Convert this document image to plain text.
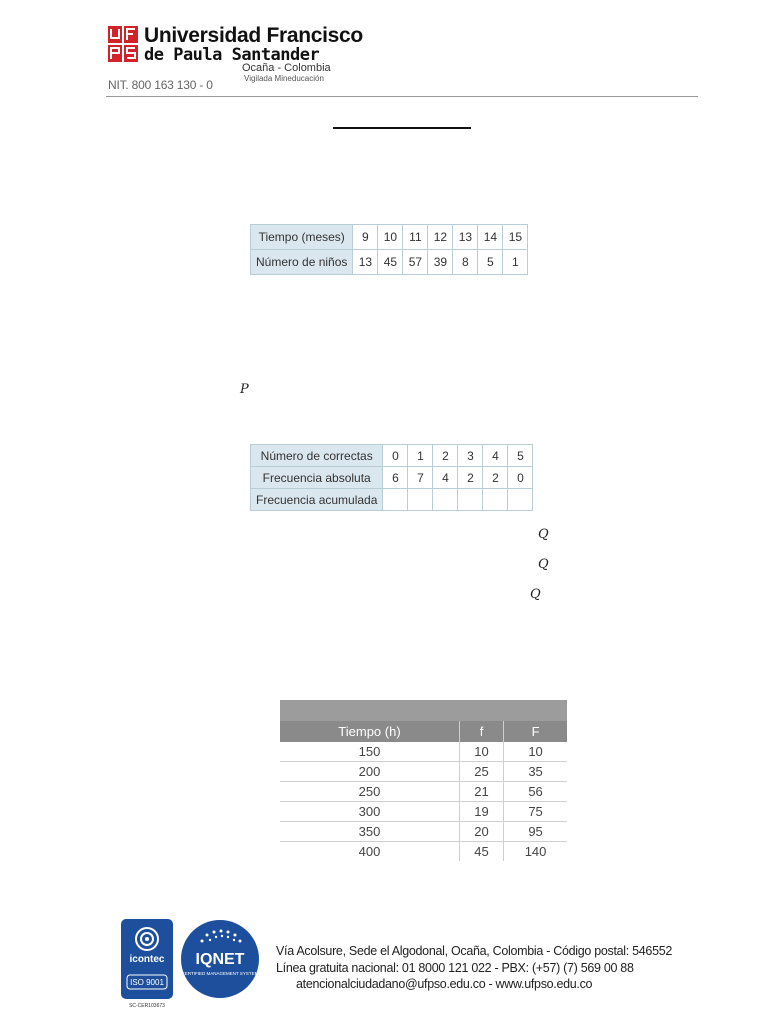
Universidad Francisco
de Paula Santander
Ocaña - Colombia
Vigilada Mineducación
NIT. 800 163 130 - 0
Tiempo (meses)	9	10	11	12	13	14	15
Número de niños	13	45	57	39	8	5	1
P
Número de correctas	0	1	2	3	4	5
Frecuencia absoluta	6	7	4	2	2	0
Frecuencia acumulada						
Q
Q
Q
Tiempo (h)	f	F
150	10	10
200	25	35
250	21	56
300	19	75
350	20	95
400	45	140
icontec
ISO 9001
SC-CER103673
IQNET
CERTIFIED MANAGEMENT SYSTEM
Vía Acolsure, Sede el Algodonal, Ocaña, Colombia - Código postal: 546552
Línea gratuita nacional: 01 8000 121 022 - PBX: (+57) (7) 569 00 88
atencionalciudadano@ufpso.edu.co - www.ufpso.edu.co
